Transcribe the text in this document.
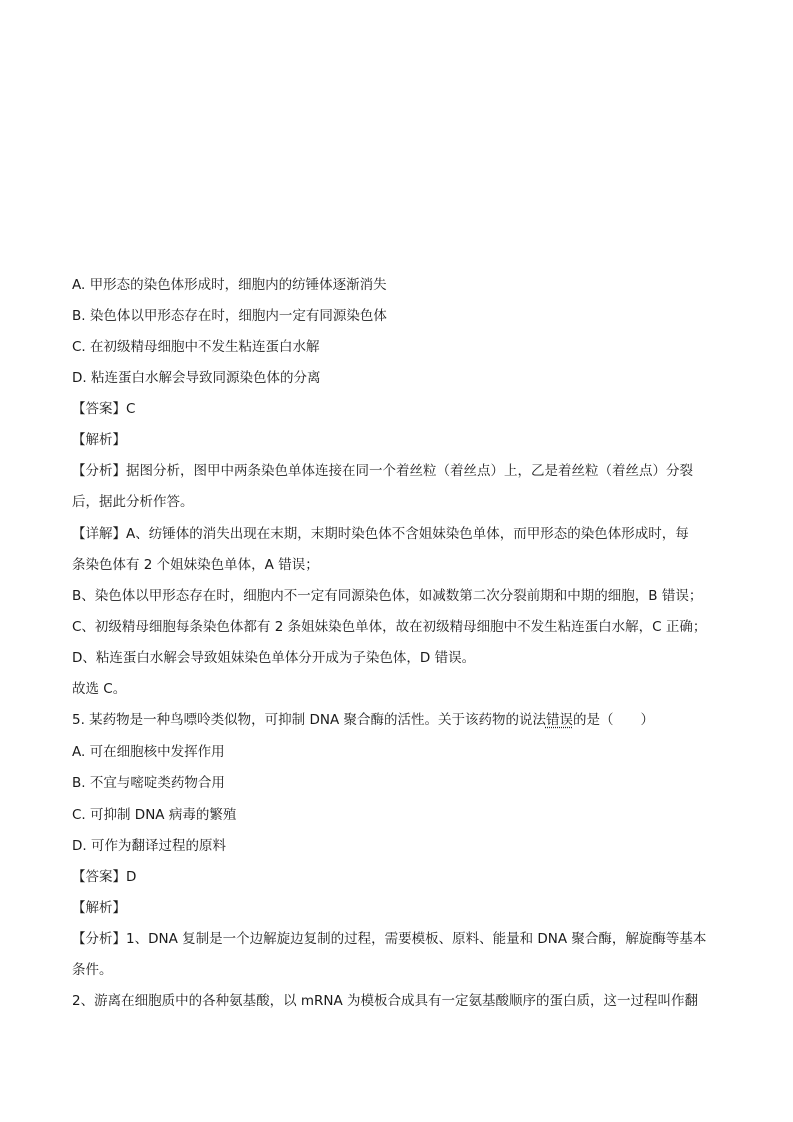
A. 甲形态的染色体形成时，细胞内的纺锤体逐渐消失
B. 染色体以甲形态存在时，细胞内一定有同源染色体
C. 在初级精母细胞中不发生粘连蛋白水解
D. 粘连蛋白水解会导致同源染色体的分离
【答案】C
【解析】
【分析】据图分析，图甲中两条染色单体连接在同一个着丝粒（着丝点）上，乙是着丝粒（着丝点）分裂
后，据此分析作答。
【详解】A、纺锤体的消失出现在末期，末期时染色体不含姐妹染色单体，而甲形态的染色体形成时，每
条染色体有 2 个姐妹染色单体，A 错误；
B、染色体以甲形态存在时，细胞内不一定有同源染色体，如减数第二次分裂前期和中期的细胞，B 错误；
C、初级精母细胞每条染色体都有 2 条姐妹染色单体，故在初级精母细胞中不发生粘连蛋白水解，C 正确；
D、粘连蛋白水解会导致姐妹染色单体分开成为子染色体，D 错误。
故选 C。
5. 某药物是一种鸟嘌呤类似物，可抑制 DNA 聚合酶的活性。关于该药物的说法错误的是（　　）
A. 可在细胞核中发挥作用
B. 不宜与嘧啶类药物合用
C. 可抑制 DNA 病毒的繁殖
D. 可作为翻译过程的原料
【答案】D
【解析】
【分析】1、DNA 复制是一个边解旋边复制的过程，需要模板、原料、能量和 DNA 聚合酶，解旋酶等基本
条件。
2、游离在细胞质中的各种氨基酸，以 mRNA 为模板合成具有一定氨基酸顺序的蛋白质，这一过程叫作翻
